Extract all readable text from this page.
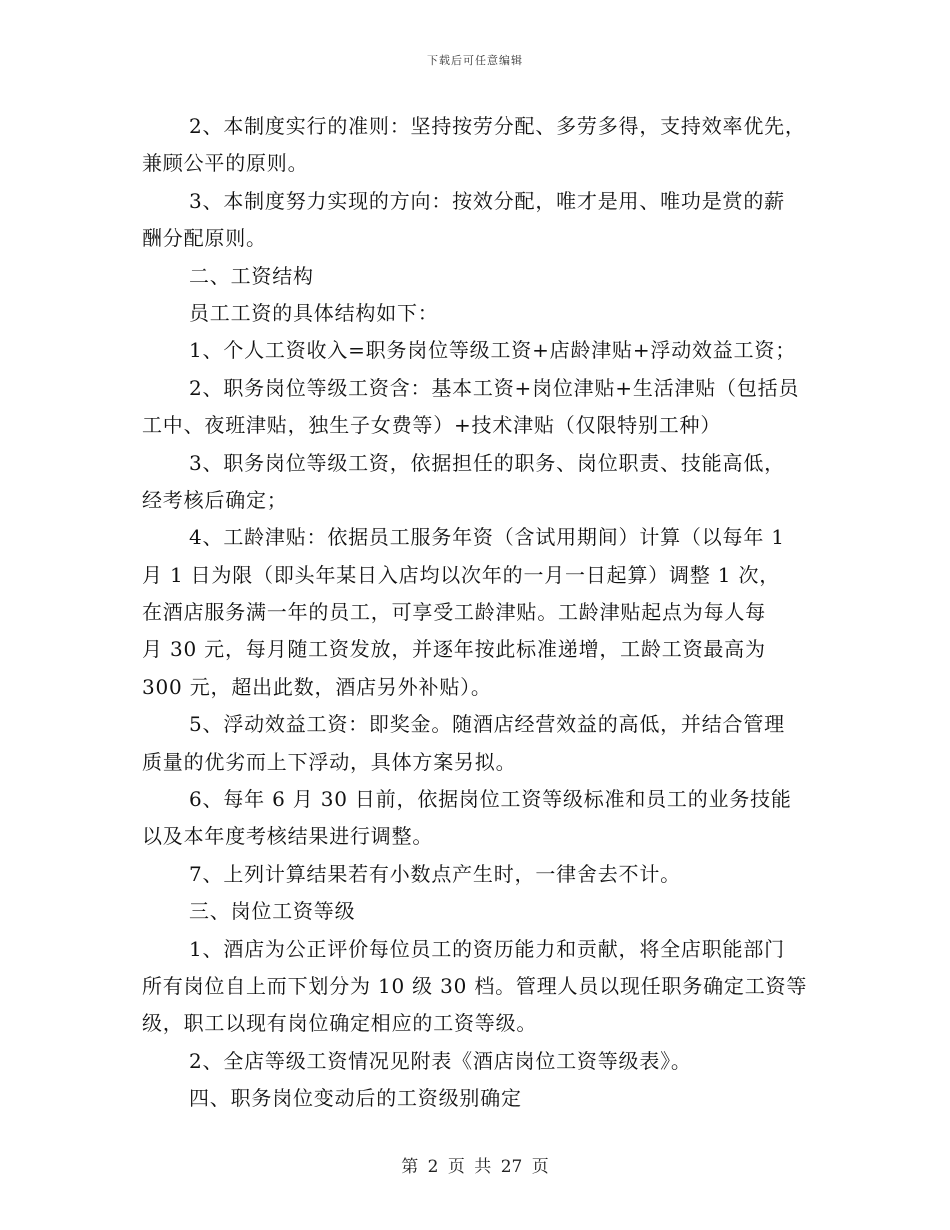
下载后可任意编辑
2、本制度实行的准则：坚持按劳分配、多劳多得，支持效率优先，
兼顾公平的原则。
3、本制度努力实现的方向：按效分配，唯才是用、唯功是赏的薪
酬分配原则。
二、工资结构
员工工资的具体结构如下：
1、个人工资收入=职务岗位等级工资+店龄津贴+浮动效益工资；
2、职务岗位等级工资含：基本工资+岗位津贴+生活津贴（包括员
工中、夜班津贴，独生子女费等）+技术津贴（仅限特别工种）
3、职务岗位等级工资，依据担任的职务、岗位职责、技能高低，
经考核后确定；
4、工龄津贴：依据员工服务年资（含试用期间）计算（以每年 1
月 1 日为限（即头年某日入店均以次年的一月一日起算）调整 1 次，
在酒店服务满一年的员工，可享受工龄津贴。工龄津贴起点为每人每
月 30 元，每月随工资发放，并逐年按此标准递增，工龄工资最高为
300 元，超出此数，酒店另外补贴）。
5、浮动效益工资：即奖金。随酒店经营效益的高低，并结合管理
质量的优劣而上下浮动，具体方案另拟。
6、每年 6 月 30 日前，依据岗位工资等级标准和员工的业务技能
以及本年度考核结果进行调整。
7、上列计算结果若有小数点产生时，一律舍去不计。
三、岗位工资等级
1、酒店为公正评价每位员工的资历能力和贡献，将全店职能部门
所有岗位自上而下划分为 10 级 30 档。管理人员以现任职务确定工资等
级，职工以现有岗位确定相应的工资等级。
2、全店等级工资情况见附表《酒店岗位工资等级表》。
四、职务岗位变动后的工资级别确定
第 2 页 共 27 页
